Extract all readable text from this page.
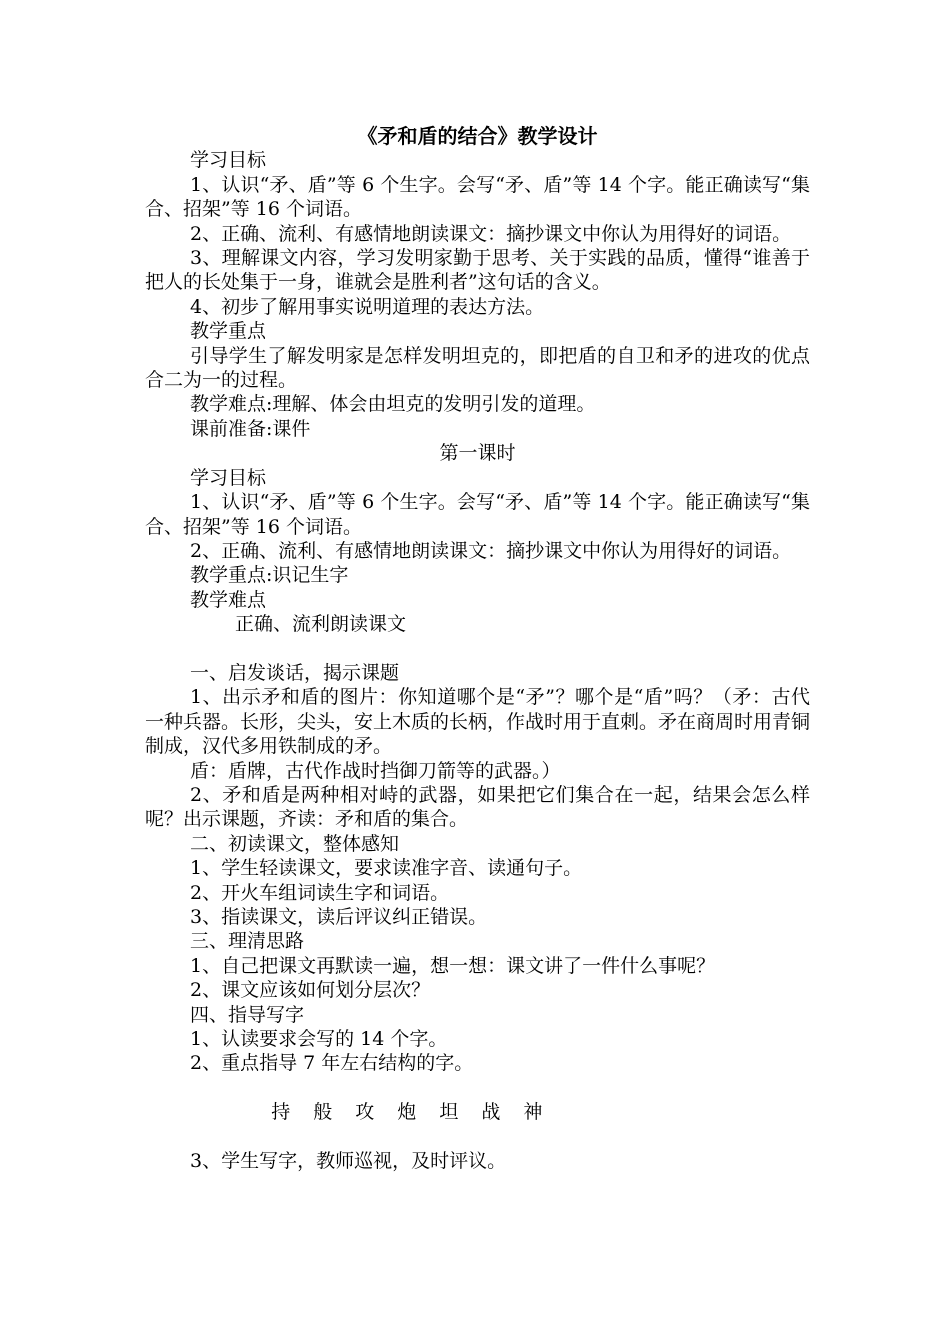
《矛和盾的结合》教学设计

学习目标

1、认识“矛、盾”等 6 个生字。会写“矛、盾”等 14 个字。能正确读写“集合、招架”等 16 个词语。

2、正确、流利、有感情地朗读课文：摘抄课文中你认为用得好的词语。

3、理解课文内容，学习发明家勤于思考、关于实践的品质，懂得“谁善于把人的长处集于一身，谁就会是胜利者”这句话的含义。

4、初步了解用事实说明道理的表达方法。

教学重点

引导学生了解发明家是怎样发明坦克的，即把盾的自卫和矛的进攻的优点合二为一的过程。

教学难点:理解、体会由坦克的发明引发的道理。

课前准备:课件

第一课时

学习目标

1、认识“矛、盾”等 6 个生字。会写“矛、盾”等 14 个字。能正确读写“集合、招架”等 16 个词语。

2、正确、流利、有感情地朗读课文：摘抄课文中你认为用得好的词语。

教学重点:识记生字

教学难点

正确、流利朗读课文

一、启发谈话，揭示课题

1、出示矛和盾的图片：你知道哪个是“矛”？哪个是“盾”吗？（矛：古代一种兵器。长形，尖头，安上木质的长柄，作战时用于直刺。矛在商周时用青铜制成，汉代多用铁制成的矛。

盾：盾牌，古代作战时挡御刀箭等的武器。）

2、矛和盾是两种相对峙的武器，如果把它们集合在一起，结果会怎么样呢？出示课题，齐读：矛和盾的集合。

二、初读课文，整体感知

1、学生轻读课文，要求读准字音、读通句子。

2、开火车组词读生字和词语。

3、指读课文，读后评议纠正错误。

三、理清思路

1、自己把课文再默读一遍，想一想：课文讲了一件什么事呢？

2、课文应该如何划分层次？

四、指导写字

1、认读要求会写的 14 个字。

2、重点指导 7 年左右结构的字。

持 般 攻 炮 坦 战 神

3、学生写字，教师巡视，及时评议。
